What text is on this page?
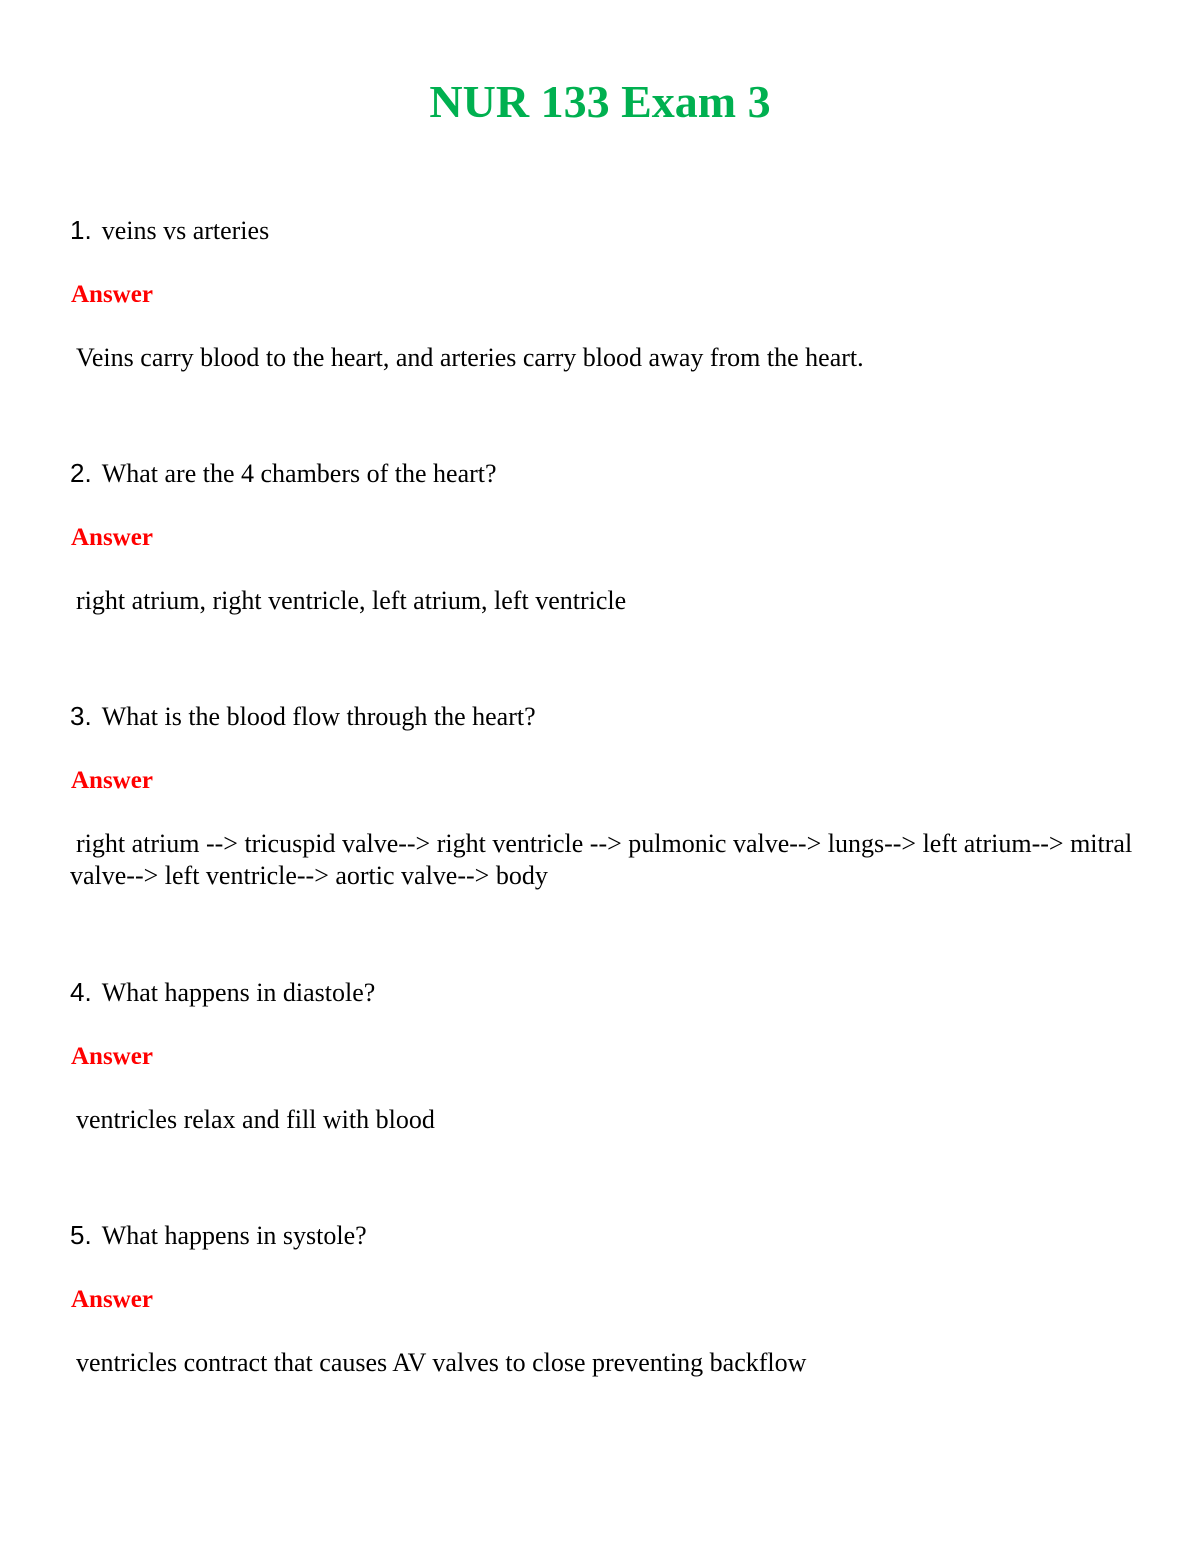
NUR 133 Exam 3

1. veins vs arteries

Answer

Veins carry blood to the heart, and arteries carry blood away from the heart.

2. What are the 4 chambers of the heart?

Answer

right atrium, right ventricle, left atrium, left ventricle

3. What is the blood flow through the heart?

Answer

right atrium --> tricuspid valve--> right ventricle --> pulmonic valve--> lungs--> left atrium--> mitral valve--> left ventricle--> aortic valve--> body

4. What happens in diastole?

Answer

ventricles relax and fill with blood

5. What happens in systole?

Answer

ventricles contract that causes AV valves to close preventing backflow
